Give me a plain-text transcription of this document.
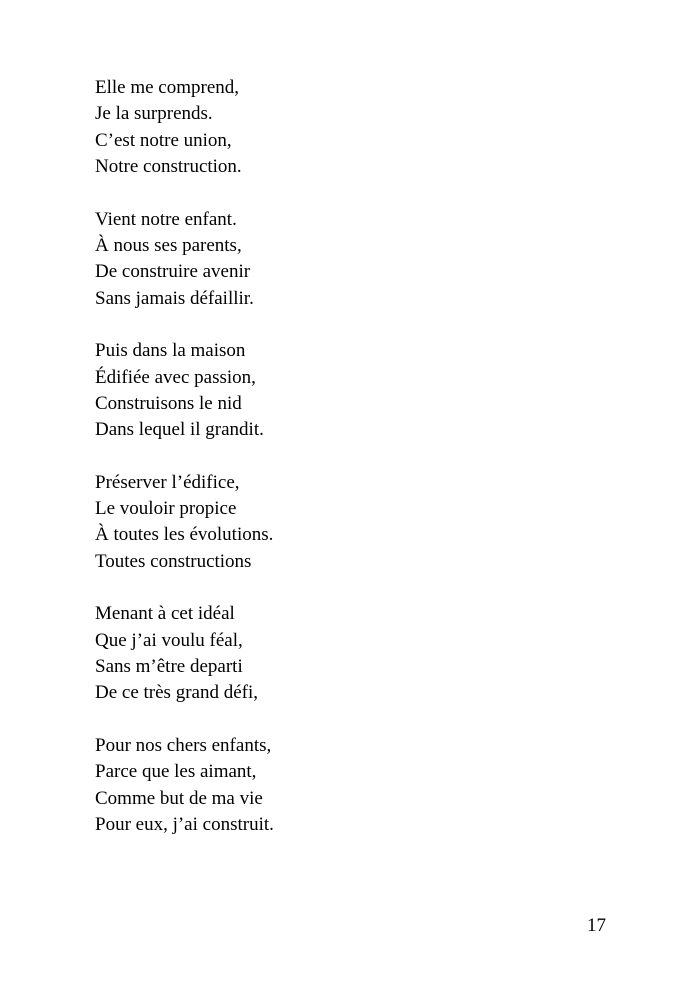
Elle me comprend,
Je la surprends.
C’est notre union,
Notre construction.
Vient notre enfant.
À nous ses parents,
De construire avenir
Sans jamais défaillir.
Puis dans la maison
Édifiée avec passion,
Construisons le nid
Dans lequel il grandit.
Préserver l’édifice,
Le vouloir propice
À toutes les évolutions.
Toutes constructions
Menant à cet idéal
Que j’ai voulu féal,
Sans m’être departi
De ce très grand défi,
Pour nos chers enfants,
Parce que les aimant,
Comme but de ma vie
Pour eux, j’ai construit.
17
